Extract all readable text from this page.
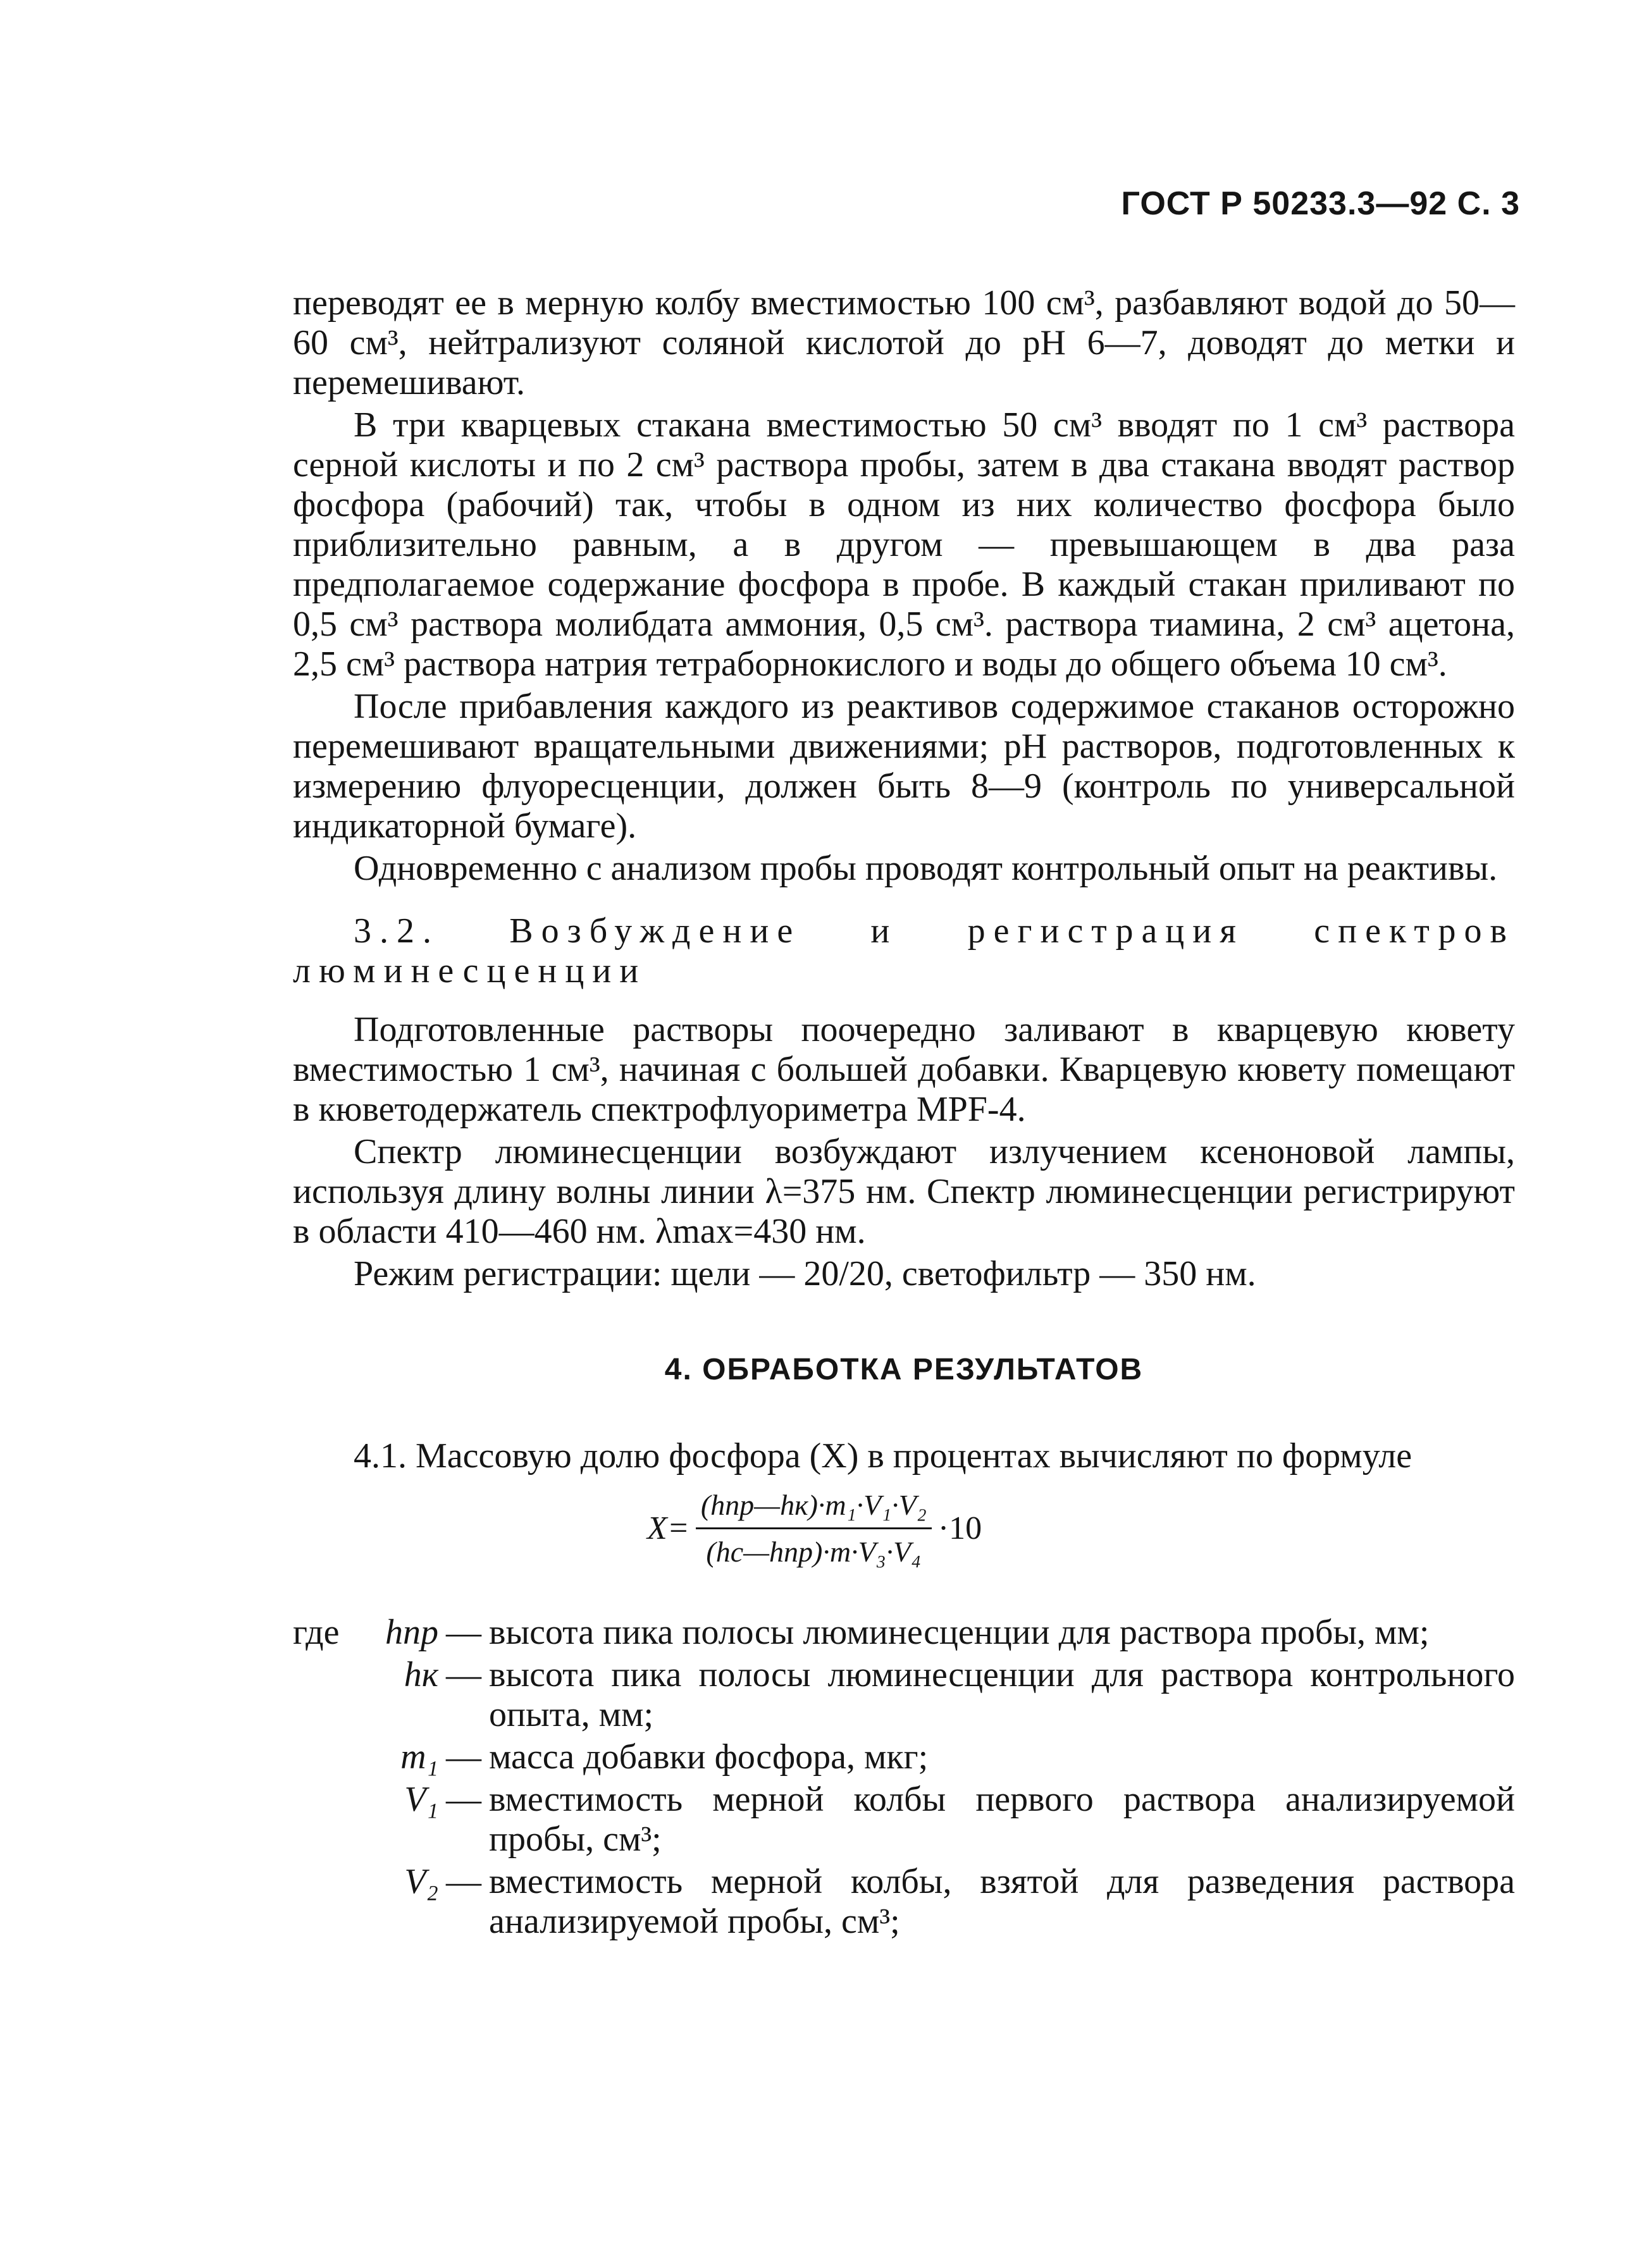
ГОСТ Р 50233.3—92 С. 3

переводят ее в мерную колбу вместимостью 100 см³, разбавляют водой до 50—60 см³, нейтрализуют соляной кислотой до рН 6—7, доводят до метки и перемешивают.

В три кварцевых стакана вместимостью 50 см³ вводят по 1 см³ раствора серной кислоты и по 2 см³ раствора пробы, затем в два стакана вводят раствор фосфора (рабочий) так, чтобы в одном из них количество фосфора было приблизительно равным, а в другом — превышающем в два раза предполагаемое содержание фосфора в пробе. В каждый стакан приливают по 0,5 см³ раствора молибдата аммония, 0,5 см³. раствора тиамина, 2 см³ ацетона, 2,5 см³ раствора натрия тетраборнокислого и воды до общего объема 10 см³.

После прибавления каждого из реактивов содержимое стаканов осторожно перемешивают вращательными движениями; рН растворов, подготовленных к измерению флуоресценции, должен быть 8—9 (контроль по универсальной индикаторной бумаге).

Одновременно с анализом пробы проводят контрольный опыт на реактивы.

3.2. Возбуждение и регистрация спектров люминесценции

Подготовленные растворы поочередно заливают в кварцевую кювету вместимостью 1 см³, начиная с большей добавки. Кварцевую кювету помещают в кюветодержатель спектрофлуориметра MPF-4.

Спектр люминесценции возбуждают излучением ксеноновой лампы, используя длину волны линии λ=375 нм. Спектр люминесценции регистрируют в области 410—460 нм. λmax=430 нм.

Режим регистрации: щели — 20/20, светофильтр — 350 нм.

4. ОБРАБОТКА РЕЗУЛЬТАТОВ

4.1. Массовую долю фосфора (X) в процентах вычисляют по формуле

$X= \frac{\text{(hпр—hк)·m₁·V₁·V₂}}{\text{(hс—hпр)·m·V₃·V₄}} \cdot 10$
где	hпр — высота пика полосы люминесценции для раствора пробы, мм;
hк — высота пика полосы люминесценции для раствора контрольного опыта, мм;
m₁ — масса добавки фосфора, мкг;
V₁ — вместимость мерной колбы первого раствора анализируемой пробы, см³;
V₂ — вместимость мерной колбы, взятой для разведения раствора анализируемой пробы, см³;
